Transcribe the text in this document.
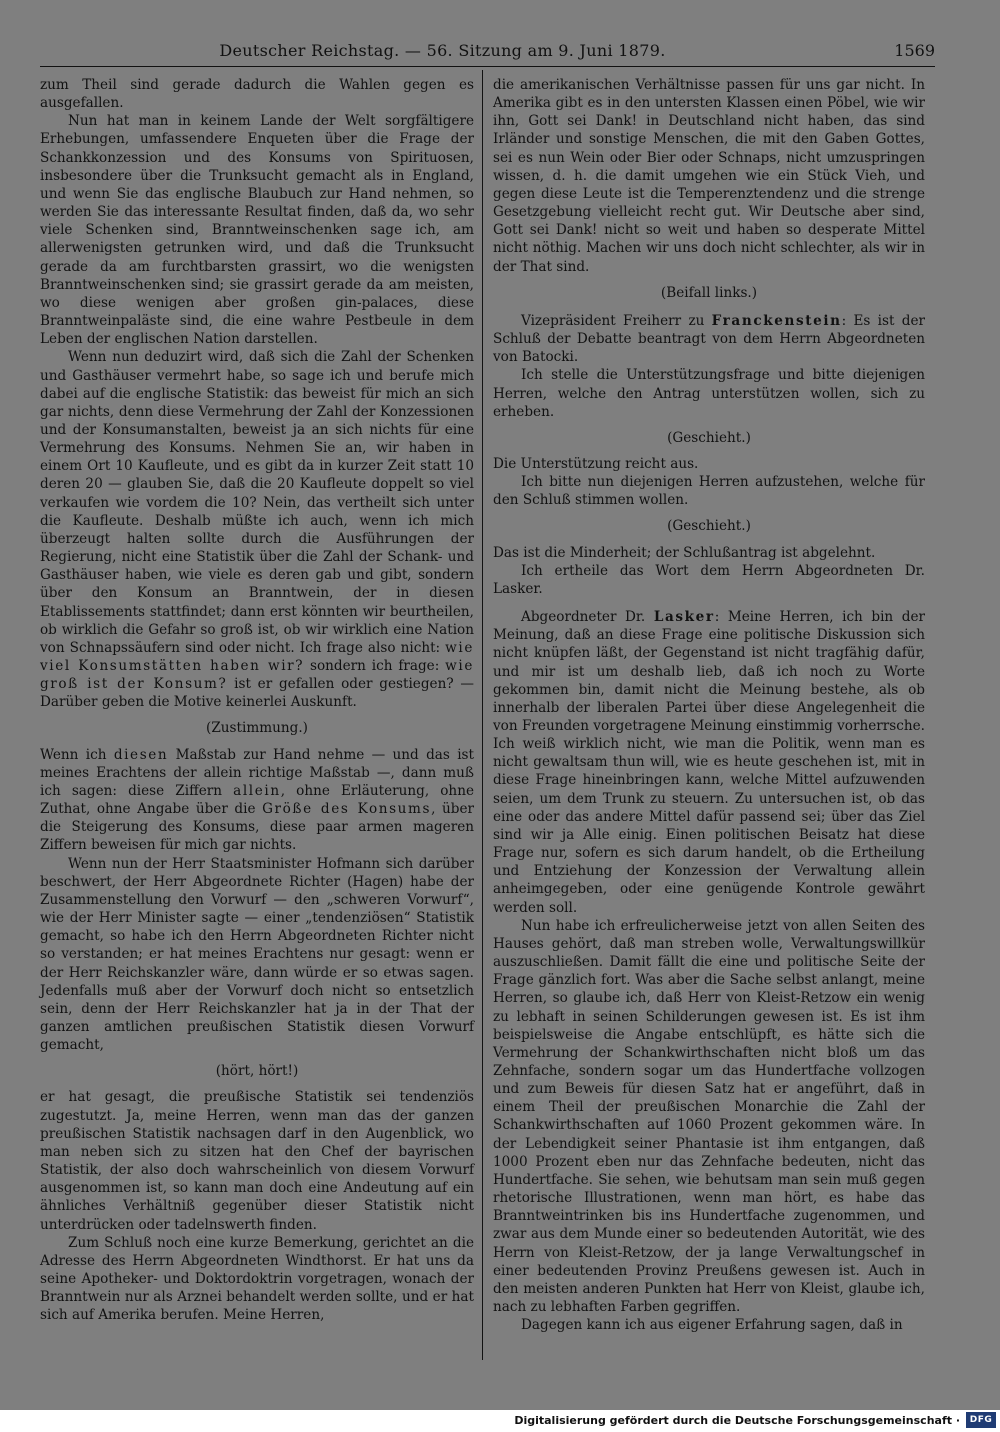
Deutscher Reichstag. — 56. Sitzung am 9. Juni 1879.	1569

zum Theil sind gerade dadurch die Wahlen gegen es ausgefallen.

Nun hat man in keinem Lande der Welt sorgfältigere Erhebungen, umfassendere Enqueten über die Frage der Schankkonzession und des Konsums von Spirituosen, insbesondere über die Trunksucht gemacht als in England, und wenn Sie das englische Blaubuch zur Hand nehmen, so werden Sie das interessante Resultat finden, daß da, wo sehr viele Schenken sind, Branntweinschenken sage ich, am allerwenigsten getrunken wird, und daß die Trunksucht gerade da am furchtbarsten grassirt, wo die wenigsten Branntweinschenken sind; sie grassirt gerade da am meisten, wo diese wenigen aber großen gin-palaces, diese Branntweinpaläste sind, die eine wahre Pestbeule in dem Leben der englischen Nation darstellen.

Wenn nun deduzirt wird, daß sich die Zahl der Schenken und Gasthäuser vermehrt habe, so sage ich und berufe mich dabei auf die englische Statistik: das beweist für mich an sich gar nichts, denn diese Vermehrung der Zahl der Konzessionen und der Konsumanstalten, beweist ja an sich nichts für eine Vermehrung des Konsums. Nehmen Sie an, wir haben in einem Ort 10 Kaufleute, und es gibt da in kurzer Zeit statt 10 deren 20 — glauben Sie, daß die 20 Kaufleute doppelt so viel verkaufen wie vordem die 10? Nein, das vertheilt sich unter die Kaufleute. Deshalb müßte ich auch, wenn ich mich überzeugt halten sollte durch die Ausführungen der Regierung, nicht eine Statistik über die Zahl der Schank- und Gasthäuser haben, wie viele es deren gab und gibt, sondern über den Konsum an Branntwein, der in diesen Etablissements stattfindet; dann erst könnten wir beurtheilen, ob wirklich die Gefahr so groß ist, ob wir wirklich eine Nation von Schnapssäufern sind oder nicht. Ich frage also nicht: wie viel Konsumstätten haben wir? sondern ich frage: wie groß ist der Konsum? ist er gefallen oder gestiegen? — Darüber geben die Motive keinerlei Auskunft.

(Zustimmung.)

Wenn ich diesen Maßstab zur Hand nehme — und das ist meines Erachtens der allein richtige Maßstab —, dann muß ich sagen: diese Ziffern allein, ohne Erläuterung, ohne Zuthat, ohne Angabe über die Größe des Konsums, über die Steigerung des Konsums, diese paar armen mageren Ziffern beweisen für mich gar nichts.

Wenn nun der Herr Staatsminister Hofmann sich darüber beschwert, der Herr Abgeordnete Richter (Hagen) habe der Zusammenstellung den Vorwurf — den „schweren Vorwurf“, wie der Herr Minister sagte — einer „tendenziösen“ Statistik gemacht, so habe ich den Herrn Abgeordneten Richter nicht so verstanden; er hat meines Erachtens nur gesagt: wenn er der Herr Reichskanzler wäre, dann würde er so etwas sagen. Jedenfalls muß aber der Vorwurf doch nicht so entsetzlich sein, denn der Herr Reichskanzler hat ja in der That der ganzen amtlichen preußischen Statistik diesen Vorwurf gemacht,

(hört, hört!)

er hat gesagt, die preußische Statistik sei tendenziös zugestutzt. Ja, meine Herren, wenn man das der ganzen preußischen Statistik nachsagen darf in den Augenblick, wo man neben sich zu sitzen hat den Chef der bayrischen Statistik, der also doch wahrscheinlich von diesem Vorwurf ausgenommen ist, so kann man doch eine Andeutung auf ein ähnliches Verhältniß gegenüber dieser Statistik nicht unterdrücken oder tadelnswerth finden.

Zum Schluß noch eine kurze Bemerkung, gerichtet an die Adresse des Herrn Abgeordneten Windthorst. Er hat uns da seine Apotheker- und Doktordoktrin vorgetragen, wonach der Branntwein nur als Arznei behandelt werden sollte, und er hat sich auf Amerika berufen. Meine Herren,

die amerikanischen Verhältnisse passen für uns gar nicht. In Amerika gibt es in den untersten Klassen einen Pöbel, wie wir ihn, Gott sei Dank! in Deutschland nicht haben, das sind Irländer und sonstige Menschen, die mit den Gaben Gottes, sei es nun Wein oder Bier oder Schnaps, nicht umzuspringen wissen, d. h. die damit umgehen wie ein Stück Vieh, und gegen diese Leute ist die Temperenztendenz und die strenge Gesetzgebung vielleicht recht gut. Wir Deutsche aber sind, Gott sei Dank! nicht so weit und haben so desperate Mittel nicht nöthig. Machen wir uns doch nicht schlechter, als wir in der That sind.

(Beifall links.)

Vizepräsident Freiherr zu Franckenstein: Es ist der Schluß der Debatte beantragt von dem Herrn Abgeordneten von Batocki.

Ich stelle die Unterstützungsfrage und bitte diejenigen Herren, welche den Antrag unterstützen wollen, sich zu erheben.

(Geschieht.)

Die Unterstützung reicht aus.

Ich bitte nun diejenigen Herren aufzustehen, welche für den Schluß stimmen wollen.

(Geschieht.)

Das ist die Minderheit; der Schlußantrag ist abgelehnt.

Ich ertheile das Wort dem Herrn Abgeordneten Dr. Lasker.

Abgeordneter Dr. Lasker: Meine Herren, ich bin der Meinung, daß an diese Frage eine politische Diskussion sich nicht knüpfen läßt, der Gegenstand ist nicht tragfähig dafür, und mir ist um deshalb lieb, daß ich noch zu Worte gekommen bin, damit nicht die Meinung bestehe, als ob innerhalb der liberalen Partei über diese Angelegenheit die von Freunden vorgetragene Meinung einstimmig vorherrsche. Ich weiß wirklich nicht, wie man die Politik, wenn man es nicht gewaltsam thun will, wie es heute geschehen ist, mit in diese Frage hineinbringen kann, welche Mittel aufzuwenden seien, um dem Trunk zu steuern. Zu untersuchen ist, ob das eine oder das andere Mittel dafür passend sei; über das Ziel sind wir ja Alle einig. Einen politischen Beisatz hat diese Frage nur, sofern es sich darum handelt, ob die Ertheilung und Entziehung der Konzession der Verwaltung allein anheimgegeben, oder eine genügende Kontrole gewährt werden soll.

Nun habe ich erfreulicherweise jetzt von allen Seiten des Hauses gehört, daß man streben wolle, Verwaltungswillkür auszuschließen. Damit fällt die eine und politische Seite der Frage gänzlich fort. Was aber die Sache selbst anlangt, meine Herren, so glaube ich, daß Herr von Kleist-Retzow ein wenig zu lebhaft in seinen Schilderungen gewesen ist. Es ist ihm beispielsweise die Angabe entschlüpft, es hätte sich die Vermehrung der Schankwirthschaften nicht bloß um das Zehnfache, sondern sogar um das Hundertfache vollzogen und zum Beweis für diesen Satz hat er angeführt, daß in einem Theil der preußischen Monarchie die Zahl der Schankwirthschaften auf 1060 Prozent gekommen wäre. In der Lebendigkeit seiner Phantasie ist ihm entgangen, daß 1000 Prozent eben nur das Zehnfache bedeuten, nicht das Hundertfache. Sie sehen, wie behutsam man sein muß gegen rhetorische Illustrationen, wenn man hört, es habe das Branntweintrinken bis ins Hundertfache zugenommen, und zwar aus dem Munde einer so bedeutenden Autorität, wie des Herrn von Kleist-Retzow, der ja lange Verwaltungschef in einer bedeutenden Provinz Preußens gewesen ist. Auch in den meisten anderen Punkten hat Herr von Kleist, glaube ich, nach zu lebhaften Farben gegriffen.

Dagegen kann ich aus eigener Erfahrung sagen, daß in

Digitalisierung gefördert durch die Deutsche Forschungsgemeinschaft ·	DFG
